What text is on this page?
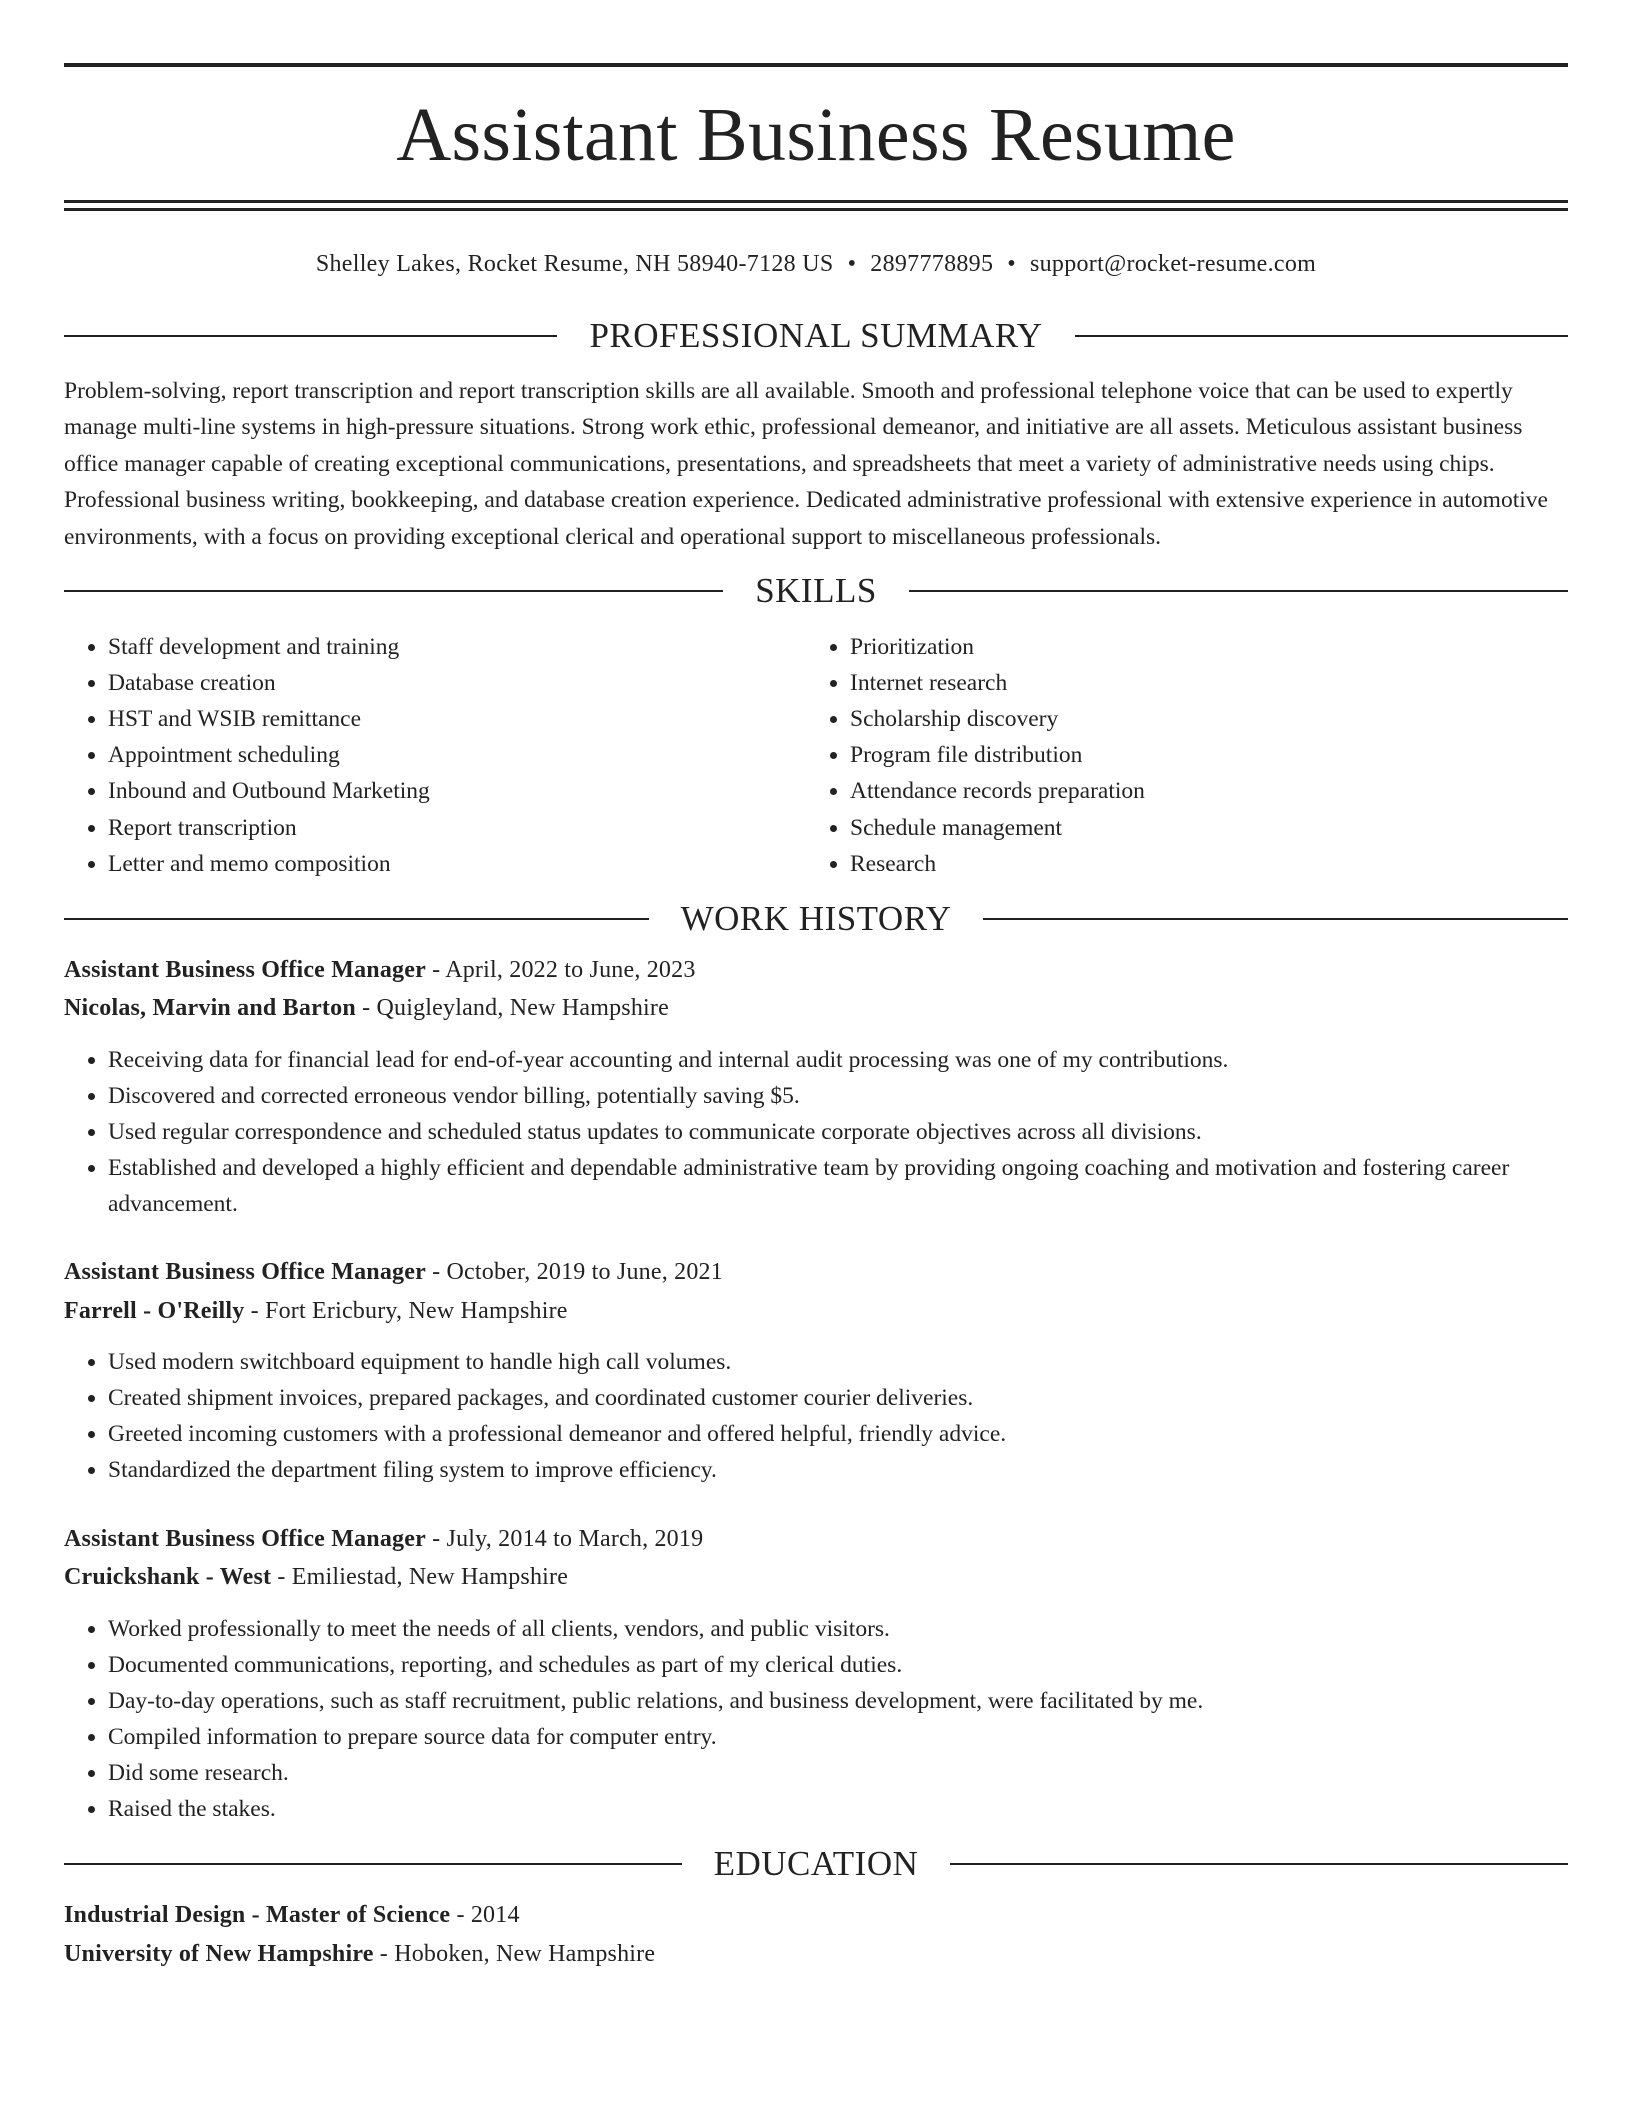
Assistant Business Resume
Shelley Lakes, Rocket Resume, NH 58940-7128 US • 2897778895 • support@rocket-resume.com
PROFESSIONAL SUMMARY

Problem-solving, report transcription and report transcription skills are all available. Smooth and professional telephone voice that can be used to expertly manage multi-line systems in high-pressure situations. Strong work ethic, professional demeanor, and initiative are all assets. Meticulous assistant business office manager capable of creating exceptional communications, presentations, and spreadsheets that meet a variety of administrative needs using chips. Professional business writing, bookkeeping, and database creation experience. Dedicated administrative professional with extensive experience in automotive environments, with a focus on providing exceptional clerical and operational support to miscellaneous professionals.

SKILLS
• Staff development and training
• Database creation
• HST and WSIB remittance
• Appointment scheduling
• Inbound and Outbound Marketing
• Report transcription
• Letter and memo composition
• Prioritization
• Internet research
• Scholarship discovery
• Program file distribution
• Attendance records preparation
• Schedule management
• Research
WORK HISTORY
Assistant Business Office Manager - April, 2022 to June, 2023
Nicolas, Marvin and Barton - Quigleyland, New Hampshire
• Receiving data for financial lead for end-of-year accounting and internal audit processing was one of my contributions.
• Discovered and corrected erroneous vendor billing, potentially saving $5.
• Used regular correspondence and scheduled status updates to communicate corporate objectives across all divisions.
• Established and developed a highly efficient and dependable administrative team by providing ongoing coaching and motivation and fostering career advancement.
Assistant Business Office Manager - October, 2019 to June, 2021
Farrell - O'Reilly - Fort Ericbury, New Hampshire
• Used modern switchboard equipment to handle high call volumes.
• Created shipment invoices, prepared packages, and coordinated customer courier deliveries.
• Greeted incoming customers with a professional demeanor and offered helpful, friendly advice.
• Standardized the department filing system to improve efficiency.
Assistant Business Office Manager - July, 2014 to March, 2019
Cruickshank - West - Emiliestad, New Hampshire
• Worked professionally to meet the needs of all clients, vendors, and public visitors.
• Documented communications, reporting, and schedules as part of my clerical duties.
• Day-to-day operations, such as staff recruitment, public relations, and business development, were facilitated by me.
• Compiled information to prepare source data for computer entry.
• Did some research.
• Raised the stakes.
EDUCATION
Industrial Design - Master of Science - 2014
University of New Hampshire - Hoboken, New Hampshire
